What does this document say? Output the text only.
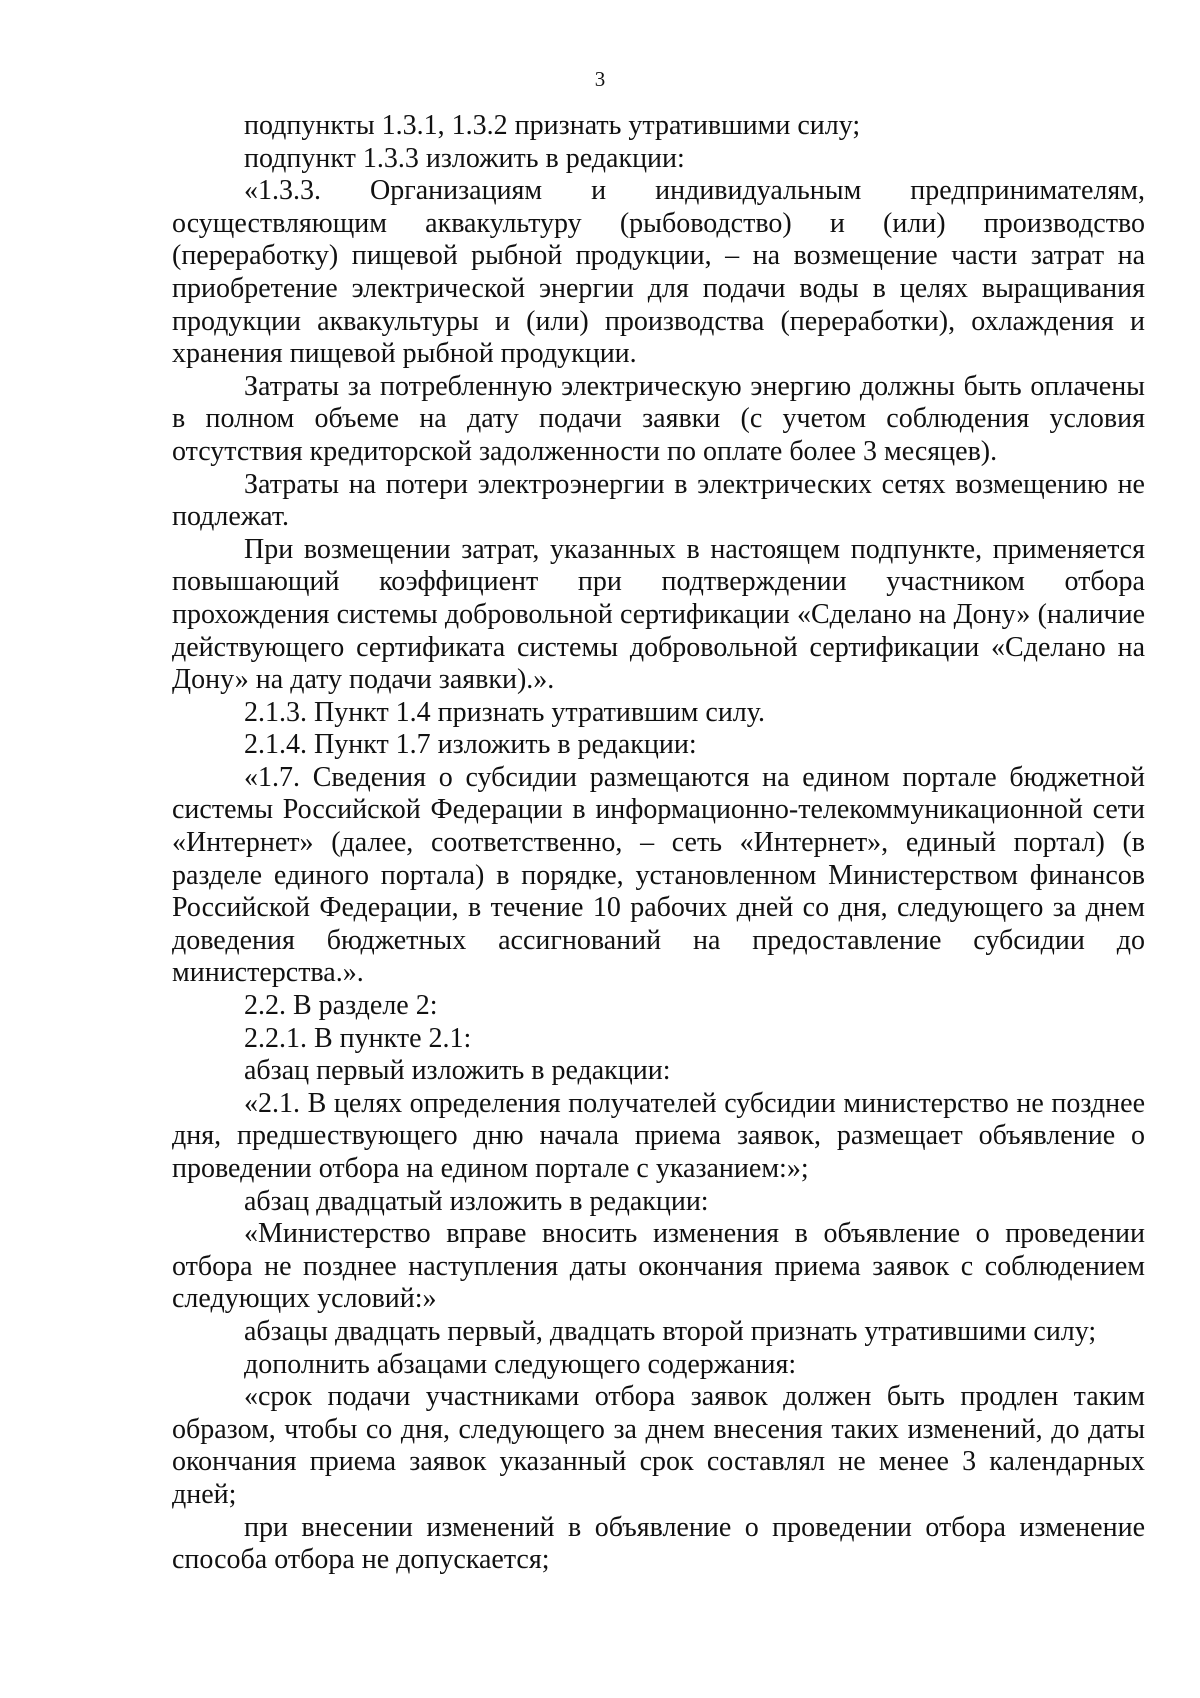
3

подпункты 1.3.1, 1.3.2 признать утратившими силу;

подпункт 1.3.3 изложить в редакции:

«1.3.3. Организациям и индивидуальным предпринимателям, осуществляющим аквакультуру (рыбоводство) и (или) производство (переработку) пищевой рыбной продукции, – на возмещение части затрат на приобретение электрической энергии для подачи воды в целях выращивания продукции аквакультуры и (или) производства (переработки), охлаждения и хранения пищевой рыбной продукции.

Затраты за потребленную электрическую энергию должны быть оплачены в полном объеме на дату подачи заявки (с учетом соблюдения условия отсутствия кредиторской задолженности по оплате более 3 месяцев).

Затраты на потери электроэнергии в электрических сетях возмещению не подлежат.

При возмещении затрат, указанных в настоящем подпункте, применяется повышающий коэффициент при подтверждении участником отбора прохождения системы добровольной сертификации «Сделано на Дону» (наличие действующего сертификата системы добровольной сертификации «Сделано на Дону» на дату подачи заявки).».

2.1.3. Пункт 1.4 признать утратившим силу.

2.1.4. Пункт 1.7 изложить в редакции:

«1.7. Сведения о субсидии размещаются на едином портале бюджетной системы Российской Федерации в информационно-телекоммуникационной сети «Интернет» (далее, соответственно, – сеть «Интернет», единый портал) (в разделе единого портала) в порядке, установленном Министерством финансов Российской Федерации, в течение 10 рабочих дней со дня, следующего за днем доведения бюджетных ассигнований на предоставление субсидии до министерства.».

2.2. В разделе 2:

2.2.1. В пункте 2.1:

абзац первый изложить в редакции:

«2.1. В целях определения получателей субсидии министерство не позднее дня, предшествующего дню начала приема заявок, размещает объявление о проведении отбора на едином портале с указанием:»;

абзац двадцатый изложить в редакции:

«Министерство вправе вносить изменения в объявление о проведении отбора не позднее наступления даты окончания приема заявок с соблюдением следующих условий:»

абзацы двадцать первый, двадцать второй признать утратившими силу;

дополнить абзацами следующего содержания:

«срок подачи участниками отбора заявок должен быть продлен таким образом, чтобы со дня, следующего за днем внесения таких изменений, до даты окончания приема заявок указанный срок составлял не менее 3 календарных дней;

при внесении изменений в объявление о проведении отбора изменение способа отбора не допускается;
